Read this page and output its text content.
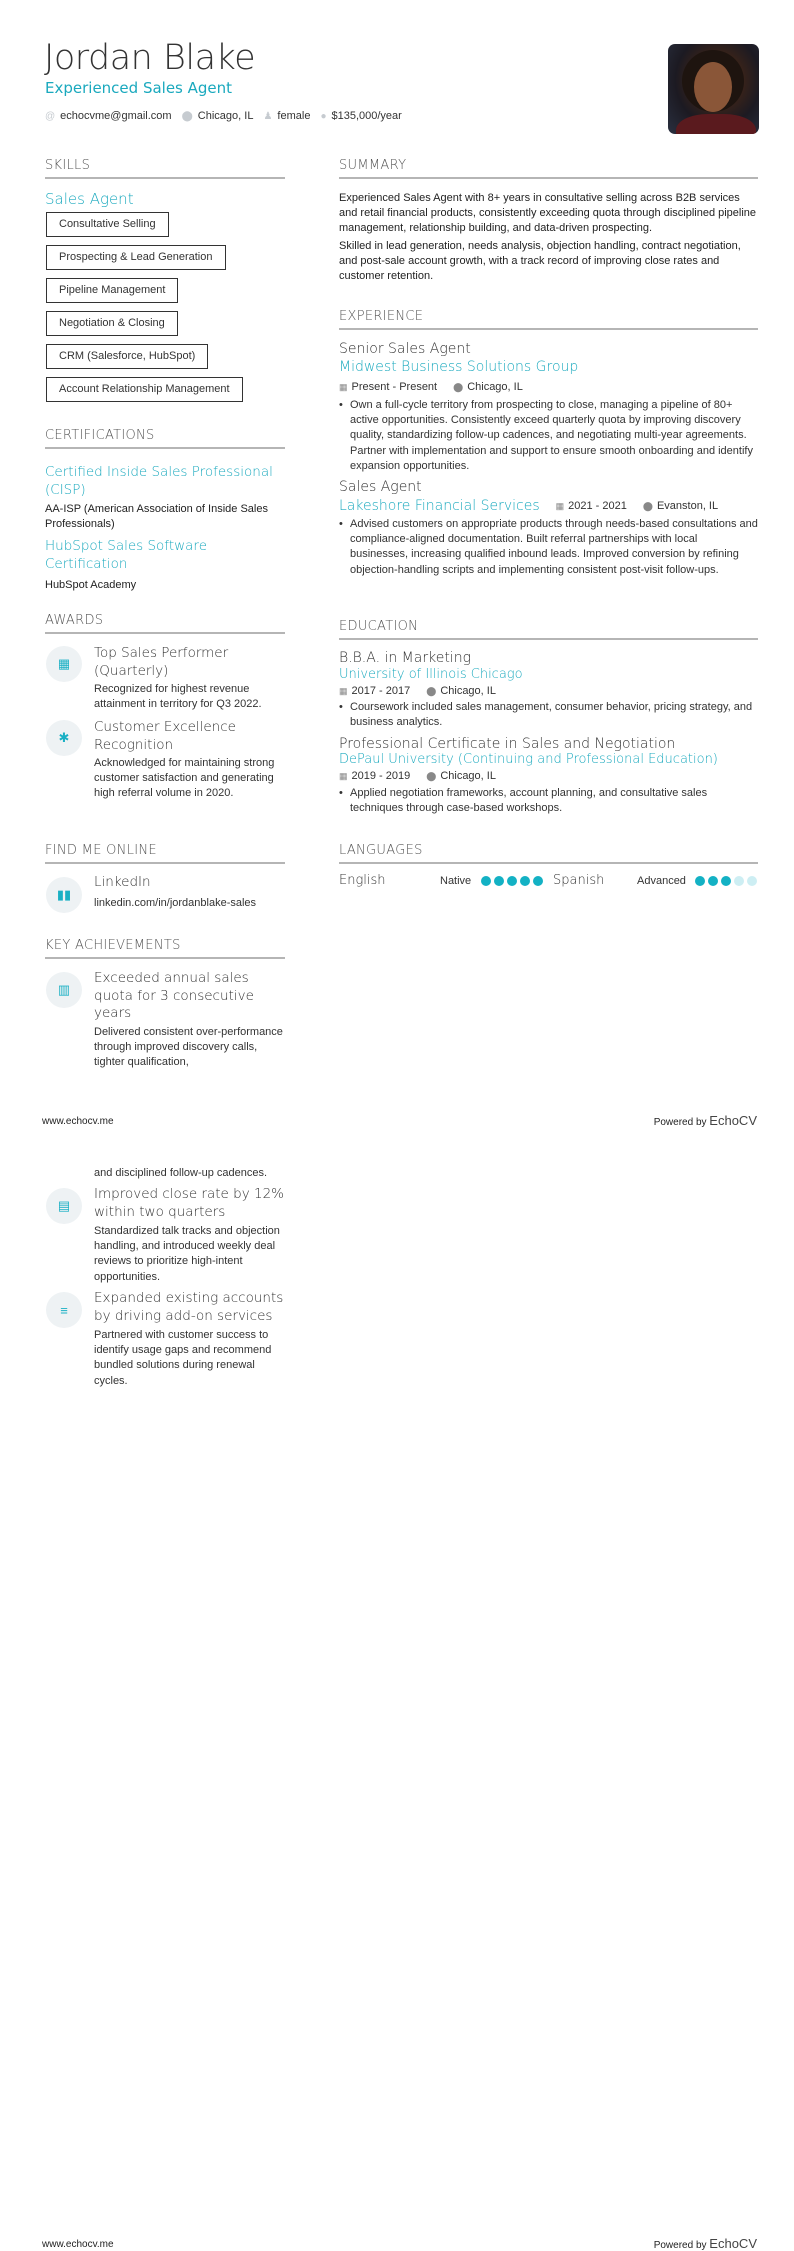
Jordan Blake
Experienced Sales Agent
@ echocvme@gmail.com ⬤ Chicago, IL ♟ female ● $135,000/year
SKILLS
Sales Agent
Consultative Selling
Prospecting & Lead Generation
Pipeline Management
Negotiation & Closing
CRM (Salesforce, HubSpot)
Account Relationship Management
CERTIFICATIONS
Certified Inside Sales Professional (CISP)
AA-ISP (American Association of Inside Sales Professionals)
HubSpot Sales Software Certification
HubSpot Academy
AWARDS
▦
Top Sales Performer (Quarterly)
Recognized for highest revenue attainment in territory for Q3 2022.
✱
Customer Excellence Recognition
Acknowledged for maintaining strong customer satisfaction and generating high referral volume in 2020.
FIND ME ONLINE
▮▮
LinkedIn
linkedin.com/in/jordanblake-sales
KEY ACHIEVEMENTS
▥
Exceeded annual sales quota for 3 consecutive years
Delivered consistent over-performance through improved discovery calls, tighter qualification,
www.echocv.me	Powered by EchoCV
and disciplined follow-up cadences.
▤
Improved close rate by 12% within two quarters
Standardized talk tracks and objection handling, and introduced weekly deal reviews to prioritize high-intent opportunities.
≡
Expanded existing accounts by driving add-on services
Partnered with customer success to identify usage gaps and recommend bundled solutions during renewal cycles.
www.echocv.me	Powered by EchoCV
SUMMARY

Experienced Sales Agent with 8+ years in consultative selling across B2B services and retail financial products, consistently exceeding quota through disciplined pipeline management, relationship building, and data-driven prospecting.

Skilled in lead generation, needs analysis, objection handling, contract negotiation, and post-sale account growth, with a track record of improving close rates and customer retention.

EXPERIENCE
Senior Sales Agent
Midwest Business Solutions Group
▦ Present - Present ⬤ Chicago, IL
• Own a full-cycle territory from prospecting to close, managing a pipeline of 80+ active opportunities. Consistently exceed quarterly quota by improving discovery quality, standardizing follow-up cadences, and negotiating multi-year agreements. Partner with implementation and support to ensure smooth onboarding and identify expansion opportunities.
Sales Agent
Lakeshore Financial Services ▦ 2021 - 2021 ⬤ Evanston, IL
• Advised customers on appropriate products through needs-based consultations and compliance-aligned documentation. Built referral partnerships with local businesses, increasing qualified inbound leads. Improved conversion by refining objection-handling scripts and implementing consistent post-visit follow-ups.
EDUCATION
B.B.A. in Marketing
University of Illinois Chicago
▦ 2017 - 2017 ⬤ Chicago, IL
• Coursework included sales management, consumer behavior, pricing strategy, and business analytics.
Professional Certificate in Sales and Negotiation
DePaul University (Continuing and Professional Education)
▦ 2019 - 2019 ⬤ Chicago, IL
• Applied negotiation frameworks, account planning, and consultative sales techniques through case-based workshops.
LANGUAGES
English	Native	Spanish	Advanced
